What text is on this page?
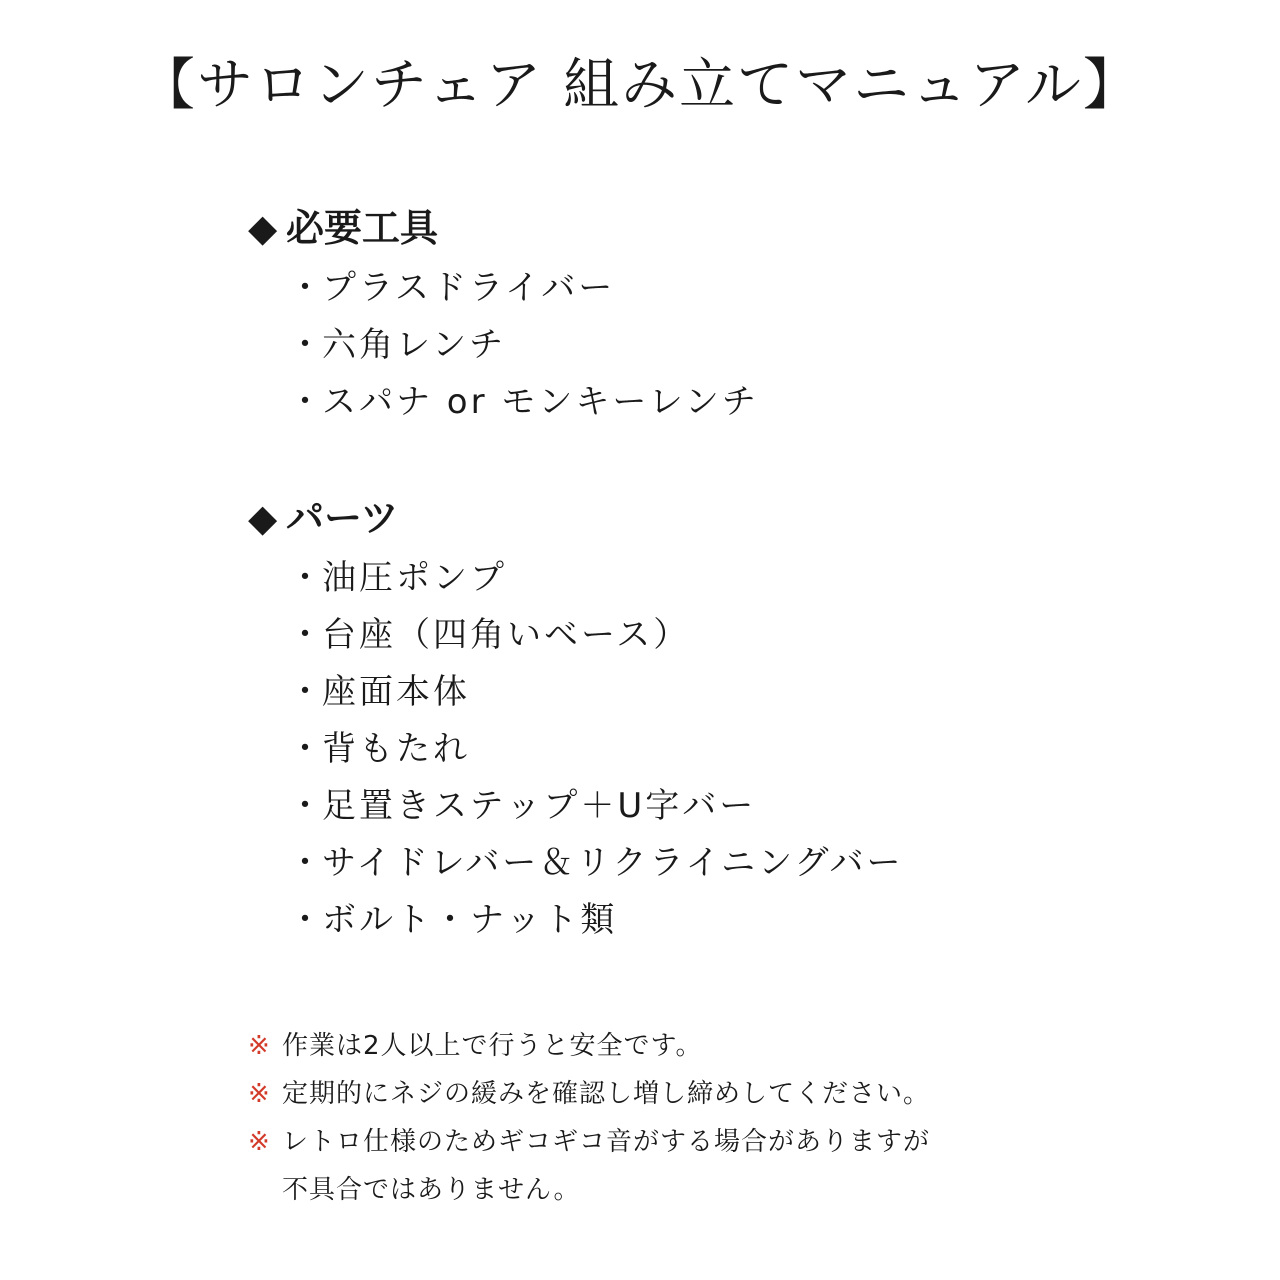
【サロンチェア 組み立てマニュアル】
◆ 必要工具
・プラスドライバー
・六角レンチ
・スパナ or モンキーレンチ
◆ パーツ
・油圧ポンプ
・台座（四角いベース）
・座面本体
・背もたれ
・足置きステップ＋U字バー
・サイドレバー＆リクライニングバー
・ボルト・ナット類
※ 作業は2人以上で行うと安全です。
※ 定期的にネジの緩みを確認し増し締めしてください。
※ レトロ仕様のためギコギコ音がする場合がありますが
不具合ではありません。
